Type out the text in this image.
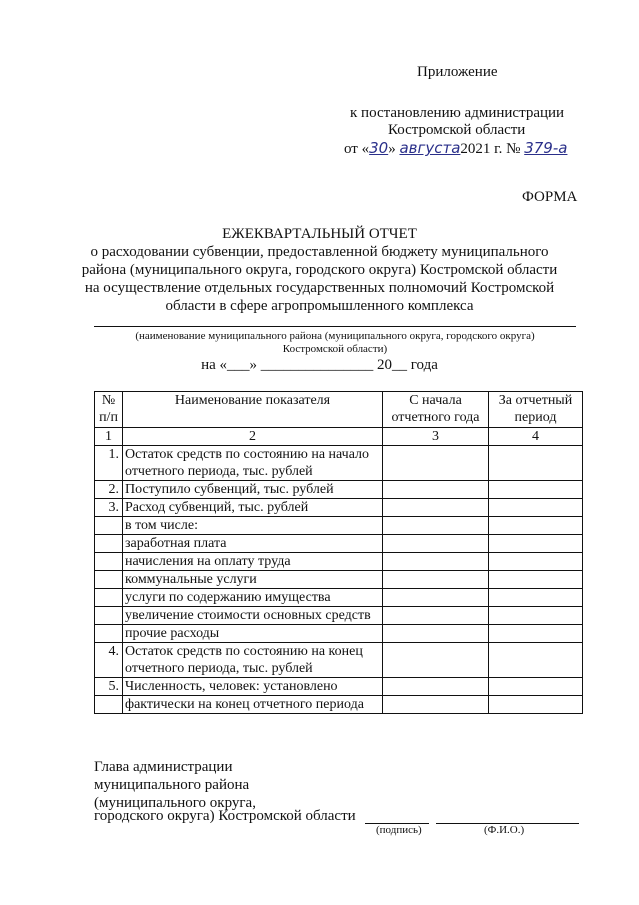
Приложение
к постановлению администрации
Костромской области
от «30» августа2021 г. № 379-а
ФОРМА
ЕЖЕКВАРТАЛЬНЫЙ ОТЧЕТ
о расходовании субвенции, предоставленной бюджету муниципального
района (муниципального округа, городского округа) Костромской области
на осуществление отдельных государственных полномочий Костромской
области в сфере агропромышленного комплекса
(наименование муниципального района (муниципального округа, городского округа)
Костромской области)
на «___» _______________ 20__ года
№ п/п	Наименование показателя	С начала отчетного года	За отчетный период
1	2	3	4
1.	Остаток средств по состоянию на начало отчетного периода, тыс. рублей		
2.	Поступило субвенций, тыс. рублей		
3.	Расход субвенций, тыс. рублей		
	в том числе:		
	заработная плата		
	начисления на оплату труда		
	коммунальные услуги		
	услуги по содержанию имущества		
	увеличение стоимости основных средств		
	прочие расходы		
4.	Остаток средств по состоянию на конец отчетного периода, тыс. рублей		
5.	Численность, человек: установлено		
	фактически на конец отчетного периода		
Глава администрации
муниципального района
(муниципального округа,
городского округа) Костромской области
(подпись)	(Ф.И.О.)
